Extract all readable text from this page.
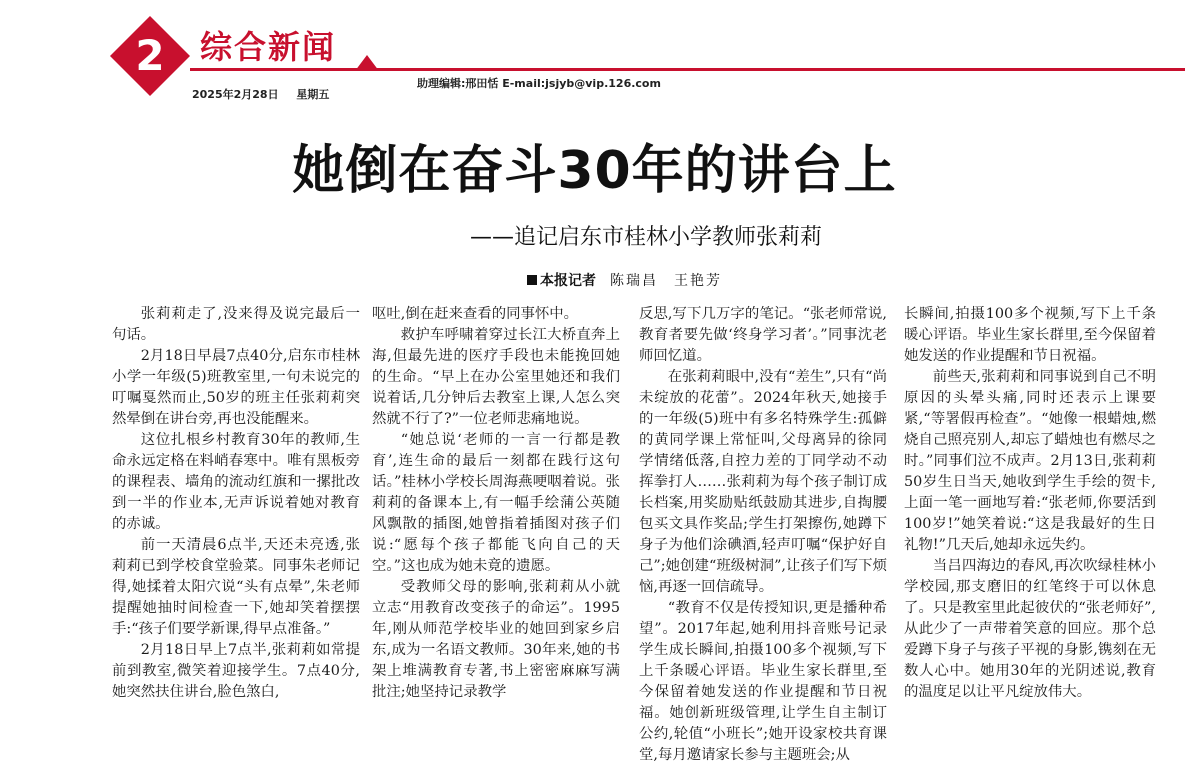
2 综合新闻
2025年2月28日 星期五
助理编辑:邢田恬 E-mail:jsjyb@vip.126.com
她倒在奋斗30年的讲台上
——追记启东市桂林小学教师张莉莉
本报记者 陈瑞昌　王艳芳

张莉莉走了,没来得及说完最后一句话。

2月18日早晨7点40分,启东市桂林小学一年级(5)班教室里,一句未说完的叮嘱戛然而止,50岁的班主任张莉莉突然晕倒在讲台旁,再也没能醒来。

这位扎根乡村教育30年的教师,生命永远定格在料峭春寒中。唯有黑板旁的课程表、墙角的流动红旗和一摞批改到一半的作业本,无声诉说着她对教育的赤诚。

前一天清晨6点半,天还未亮透,张莉莉已到学校食堂验菜。同事朱老师记得,她揉着太阳穴说“头有点晕”,朱老师提醒她抽时间检查一下,她却笑着摆摆手:“孩子们要学新课,得早点准备。”

2月18日早上7点半,张莉莉如常提前到教室,微笑着迎接学生。7点40分,她突然扶住讲台,脸色煞白,

呕吐,倒在赶来查看的同事怀中。

救护车呼啸着穿过长江大桥直奔上海,但最先进的医疗手段也未能挽回她的生命。“早上在办公室里她还和我们说着话,几分钟后去教室上课,人怎么突然就不行了?”一位老师悲痛地说。

“她总说‘老师的一言一行都是教育’,连生命的最后一刻都在践行这句话。”桂林小学校长周海燕哽咽着说。张莉莉的备课本上,有一幅手绘蒲公英随风飘散的插图,她曾指着插图对孩子们说:“愿每个孩子都能飞向自己的天空。”这也成为她未竟的遗愿。

受教师父母的影响,张莉莉从小就立志“用教育改变孩子的命运”。1995年,刚从师范学校毕业的她回到家乡启东,成为一名语文教师。30年来,她的书架上堆满教育专著,书上密密麻麻写满批注;她坚持记录教学

反思,写下几万字的笔记。“张老师常说,教育者要先做‘终身学习者’。”同事沈老师回忆道。

在张莉莉眼中,没有“差生”,只有“尚未绽放的花蕾”。2024年秋天,她接手的一年级(5)班中有多名特殊学生:孤僻的黄同学课上常怔叫,父母离异的徐同学情绪低落,自控力差的丁同学动不动挥拳打人……张莉莉为每个孩子制订成长档案,用奖励贴纸鼓励其进步,自掏腰包买文具作奖品;学生打架擦伤,她蹲下身子为他们涂碘酒,轻声叮嘱“保护好自己”;她创建“班级树洞”,让孩子们写下烦恼,再逐一回信疏导。

“教育不仅是传授知识,更是播种希望”。2017年起,她利用抖音账号记录学生成长瞬间,拍摄100多个视频,写下上千条暖心评语。毕业生家长群里,至今保留着她发送的作业提醒和节日祝福。她创新班级管理,让学生自主制订公约,轮值“小班长”;她开设家校共育课堂,每月邀请家长参与主题班会;从

长瞬间,拍摄100多个视频,写下上千条暖心评语。毕业生家长群里,至今保留着她发送的作业提醒和节日祝福。

前些天,张莉莉和同事说到自己不明原因的头晕头痛,同时还表示上课要紧,“等署假再检查”。“她像一根蜡烛,燃烧自己照亮别人,却忘了蜡烛也有燃尽之时。”同事们泣不成声。2月13日,张莉莉50岁生日当天,她收到学生手绘的贺卡,上面一笔一画地写着:“张老师,你要活到100岁!”她笑着说:“这是我最好的生日礼物!”几天后,她却永远失约。

当吕四海边的春风,再次吹绿桂林小学校园,那支磨旧的红笔终于可以休息了。只是教室里此起彼伏的“张老师好”,从此少了一声带着笑意的回应。那个总爱蹲下身子与孩子平视的身影,镌刻在无数人心中。她用30年的光阴述说,教育的温度足以让平凡绽放伟大。
